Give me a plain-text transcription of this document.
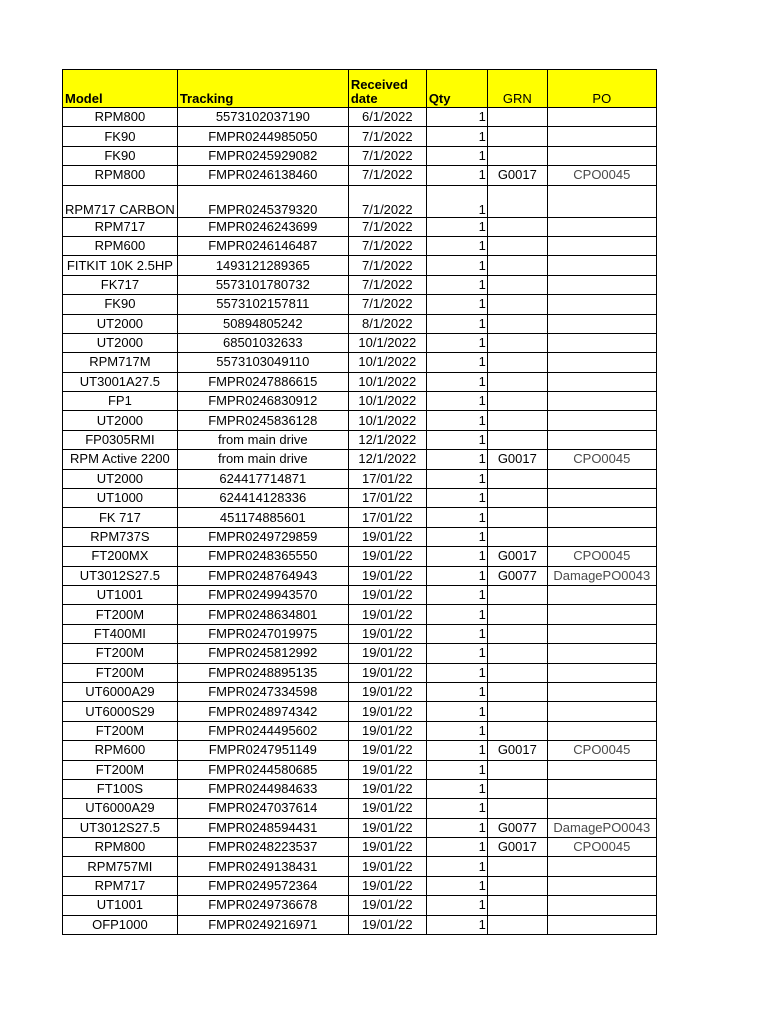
Model	Tracking	Received date	Qty	GRN	PO
RPM800	5573102037190	6/1/2022	1		
FK90	FMPR0244985050	7/1/2022	1		
FK90	FMPR0245929082	7/1/2022	1		
RPM800	FMPR0246138460	7/1/2022	1	G0017	CPO0045
RPM717 CARBON	FMPR0245379320	7/1/2022	1		
RPM717	FMPR0246243699	7/1/2022	1		
RPM600	FMPR0246146487	7/1/2022	1		
FITKIT 10K 2.5HP	1493121289365	7/1/2022	1		
FK717	5573101780732	7/1/2022	1		
FK90	5573102157811	7/1/2022	1		
UT2000	50894805242	8/1/2022	1		
UT2000	68501032633	10/1/2022	1		
RPM717M	5573103049110	10/1/2022	1		
UT3001A27.5	FMPR0247886615	10/1/2022	1		
FP1	FMPR0246830912	10/1/2022	1		
UT2000	FMPR0245836128	10/1/2022	1		
FP0305RMI	from main drive	12/1/2022	1		
RPM Active 2200	from main drive	12/1/2022	1	G0017	CPO0045
UT2000	624417714871	17/01/22	1		
UT1000	624414128336	17/01/22	1		
FK 717	451174885601	17/01/22	1		
RPM737S	FMPR0249729859	19/01/22	1		
FT200MX	FMPR0248365550	19/01/22	1	G0017	CPO0045
UT3012S27.5	FMPR0248764943	19/01/22	1	G0077	DamagePO0043
UT1001	FMPR0249943570	19/01/22	1		
FT200M	FMPR0248634801	19/01/22	1		
FT400MI	FMPR0247019975	19/01/22	1		
FT200M	FMPR0245812992	19/01/22	1		
FT200M	FMPR0248895135	19/01/22	1		
UT6000A29	FMPR0247334598	19/01/22	1		
UT6000S29	FMPR0248974342	19/01/22	1		
FT200M	FMPR0244495602	19/01/22	1		
RPM600	FMPR0247951149	19/01/22	1	G0017	CPO0045
FT200M	FMPR0244580685	19/01/22	1		
FT100S	FMPR0244984633	19/01/22	1		
UT6000A29	FMPR0247037614	19/01/22	1		
UT3012S27.5	FMPR0248594431	19/01/22	1	G0077	DamagePO0043
RPM800	FMPR0248223537	19/01/22	1	G0017	CPO0045
RPM757MI	FMPR0249138431	19/01/22	1		
RPM717	FMPR0249572364	19/01/22	1		
UT1001	FMPR0249736678	19/01/22	1		
OFP1000	FMPR0249216971	19/01/22	1		
